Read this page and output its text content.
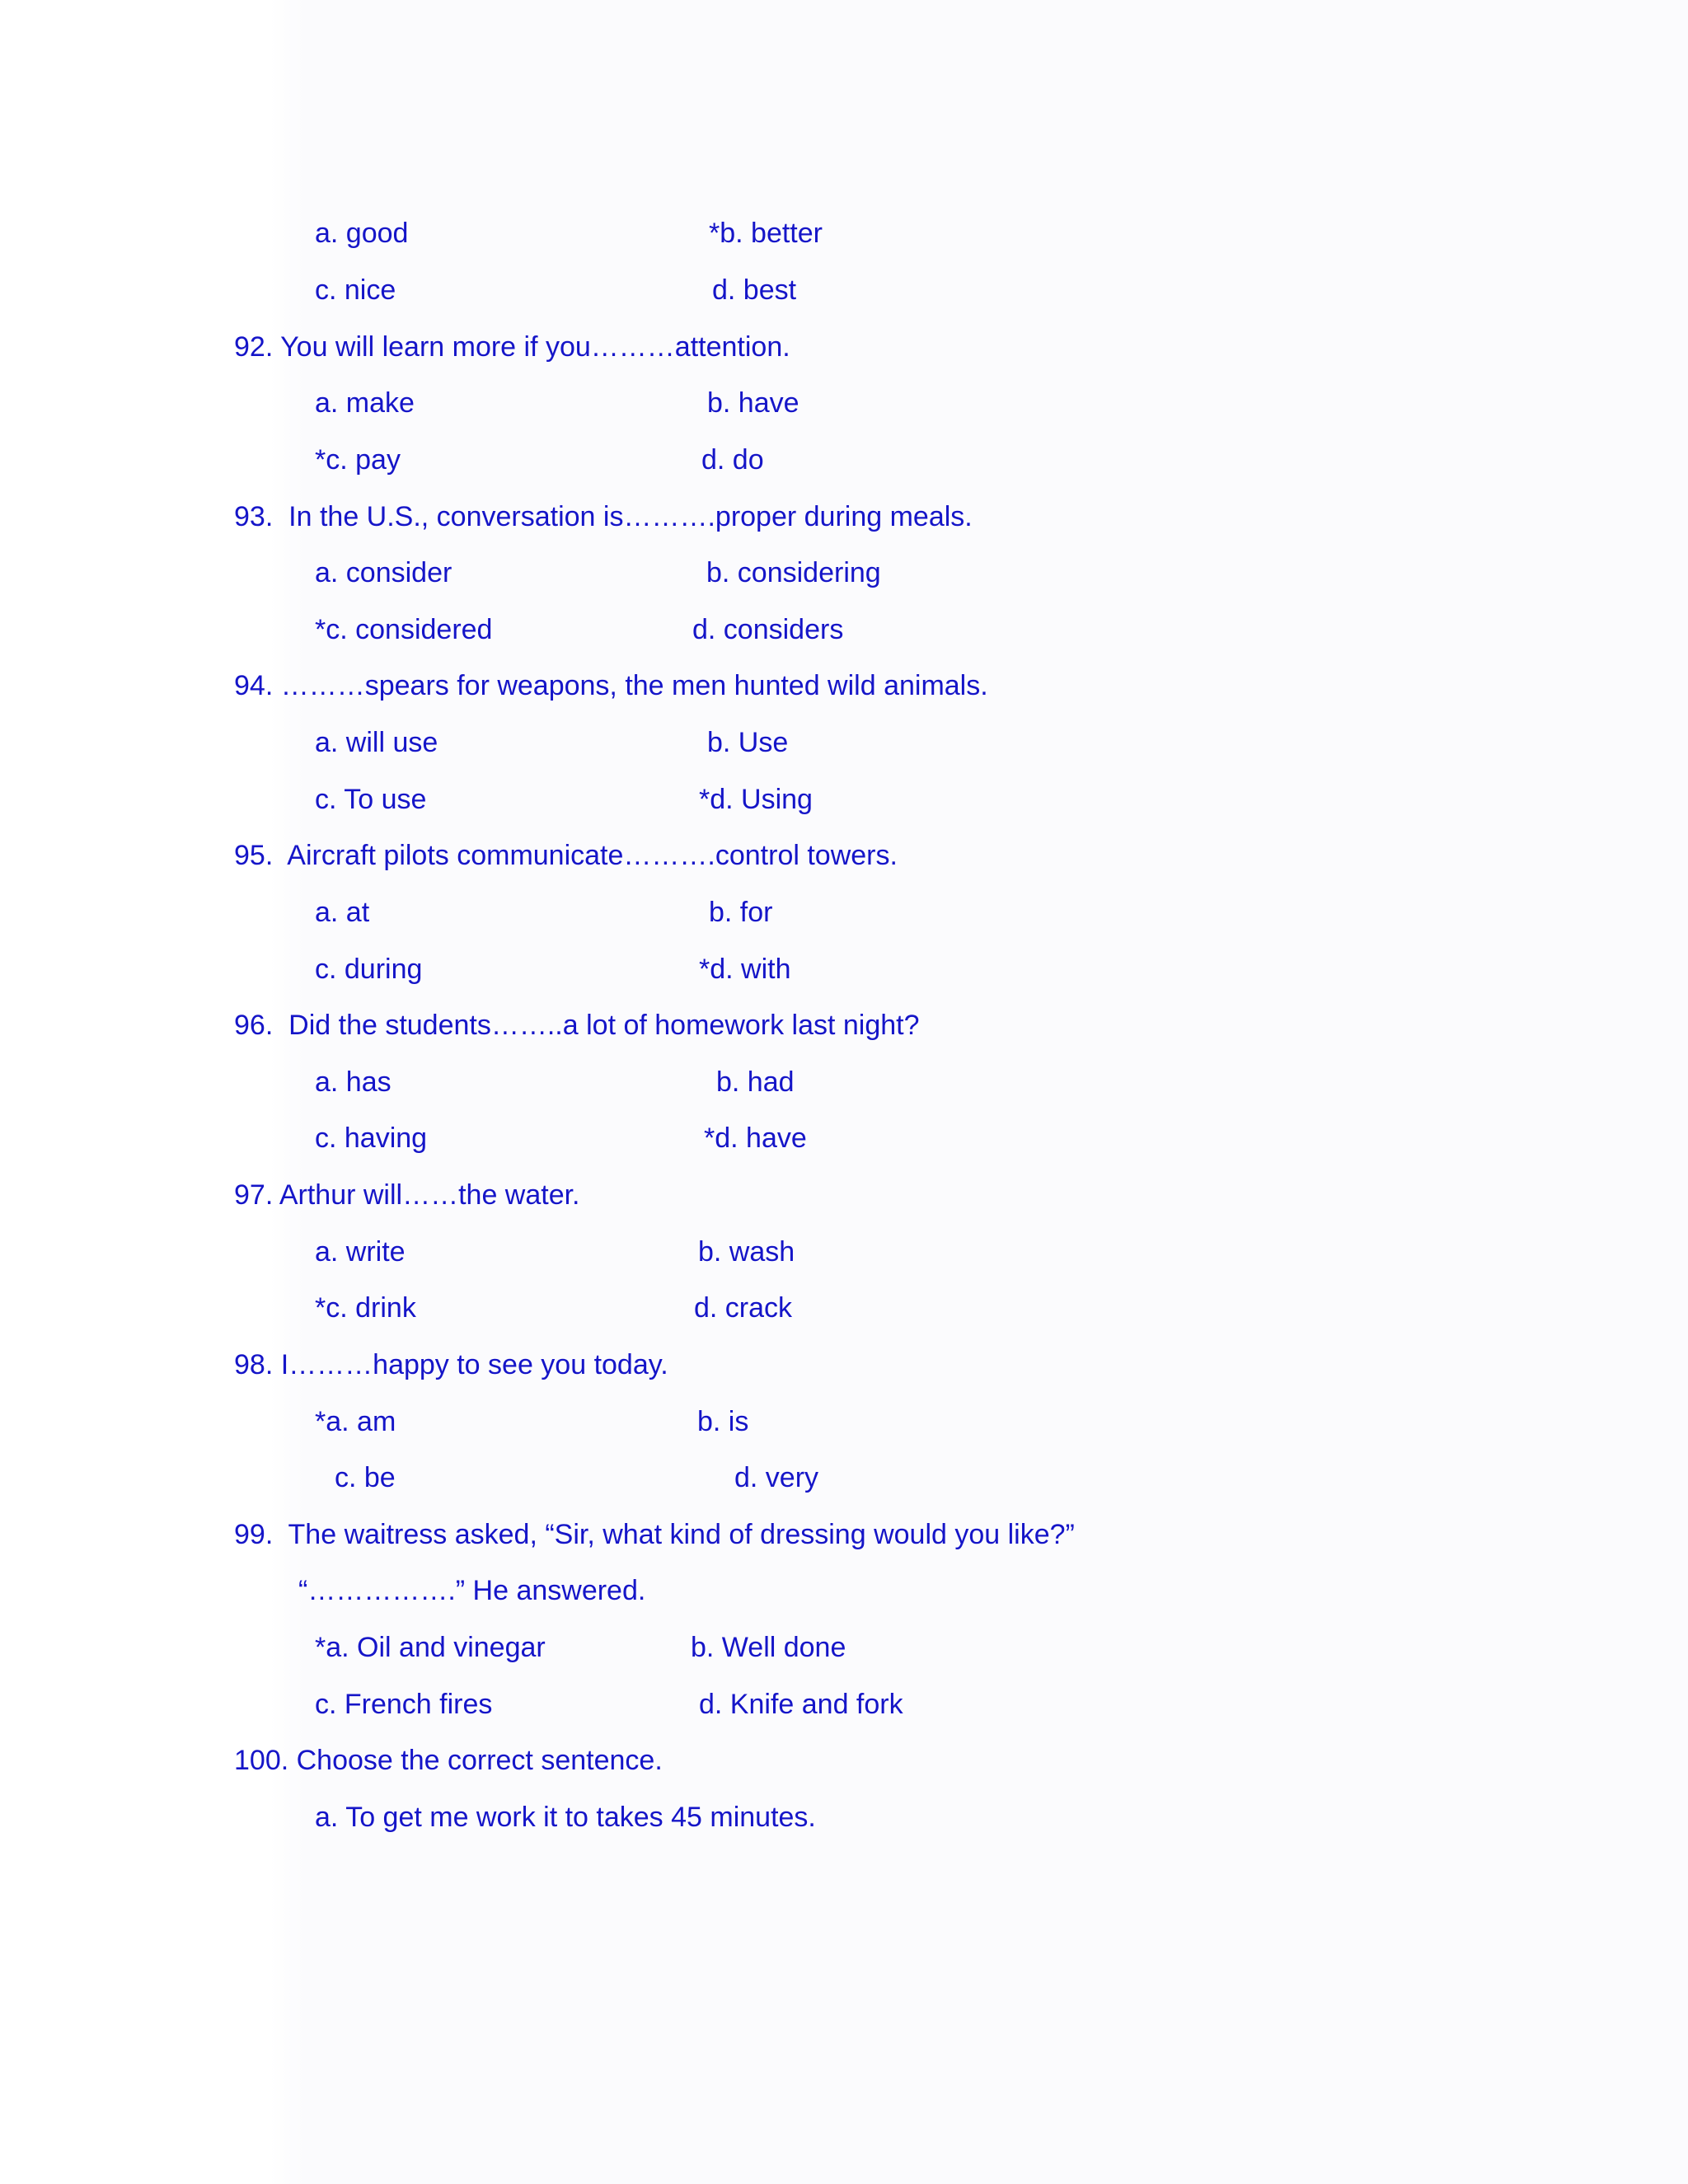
a. good	*b. better
c. nice	d. best
92. You will learn more if you………attention.
a. make	b. have
*c. pay	d. do
93.  In the U.S., conversation is……….proper during meals.
a. consider	b. considering
*c. considered	d. considers
94. ………spears for weapons, the men hunted wild animals.
a. will use	b. Use
c. To use	*d. Using
95.  Aircraft pilots communicate……….control towers.
a. at	b. for
c. during	*d. with
96.  Did the students……..a lot of homework last night?
a. has	b. had
c. having	*d. have
97. Arthur will……the water.
a. write	b. wash
*c. drink	d. crack
98. I………happy to see you today.
*a. am	b. is
c. be	d. very
99.  The waitress asked, “Sir, what kind of dressing would you like?”
“…………….” He answered.
*a. Oil and vinegar	b. Well done
c. French fires	d. Knife and fork
100. Choose the correct sentence.
a. To get me work it to takes 45 minutes.
